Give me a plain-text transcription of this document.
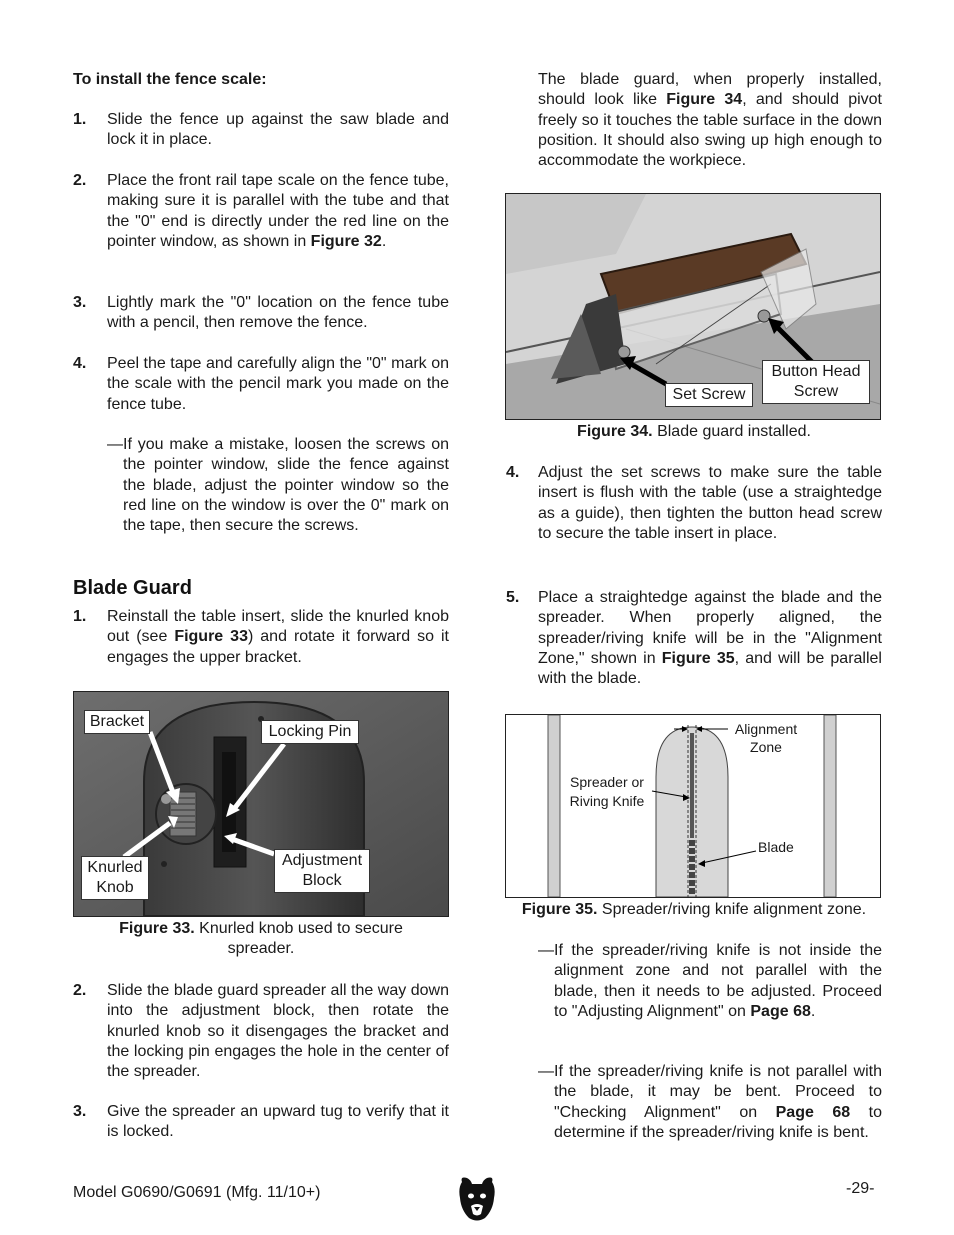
To install the fence scale:
1. Slide the fence up against the saw blade and lock it in place.
2. Place the front rail tape scale on the fence tube, making sure it is parallel with the tube and that the "0" end is directly under the red line on the pointer window, as shown in Figure 32.
3. Lightly mark the "0" location on the fence tube with a pencil, then remove the fence.
4. Peel the tape and carefully align the "0" mark on the scale with the pencil mark you made on the fence tube.
— If you make a mistake, loosen the screws on the pointer window, slide the fence against the blade, adjust the pointer window so the red line on the window is over the 0" mark on the tape, then secure the screws.
Blade Guard
1. Reinstall the table insert, slide the knurled knob out (see Figure 33) and rotate it forward so it engages the upper bracket.
Bracket
Locking Pin
Knurled
Knob
Adjustment
Block
Figure 33. Knurled knob used to secure
spreader.
2. Slide the blade guard spreader all the way down into the adjustment block, then rotate the knurled knob so it disengages the bracket and the locking pin engages the hole in the center of the spreader.
3. Give the spreader an upward tug to verify that it is locked.
The blade guard, when properly installed, should look like Figure 34, and should pivot freely so it touches the table surface in the down position. It should also swing up high enough to accommodate the workpiece.
Set Screw
Button Head
Screw
Figure 34. Blade guard installed.
4. Adjust the set screws to make sure the table insert is flush with the table (use a straightedge as a guide), then tighten the button head screw to secure the table insert in place.
5. Place a straightedge against the blade and the spreader. When properly aligned, the spreader/riving knife will be in the "Alignment Zone," shown in Figure 35, and will be parallel with the blade.
Alignment
Zone
Spreader or
Riving Knife
Blade
Figure 35. Spreader/riving knife alignment zone.
— If the spreader/riving knife is not inside the alignment zone and not parallel with the blade, then it needs to be adjusted. Proceed to "Adjusting Alignment" on Page 68.
— If the spreader/riving knife is not parallel with the blade, it may be bent. Proceed to "Checking Alignment" on Page 68 to determine if the spreader/riving knife is bent.
Model G0690/G0691 (Mfg. 11/10+)	-29-
